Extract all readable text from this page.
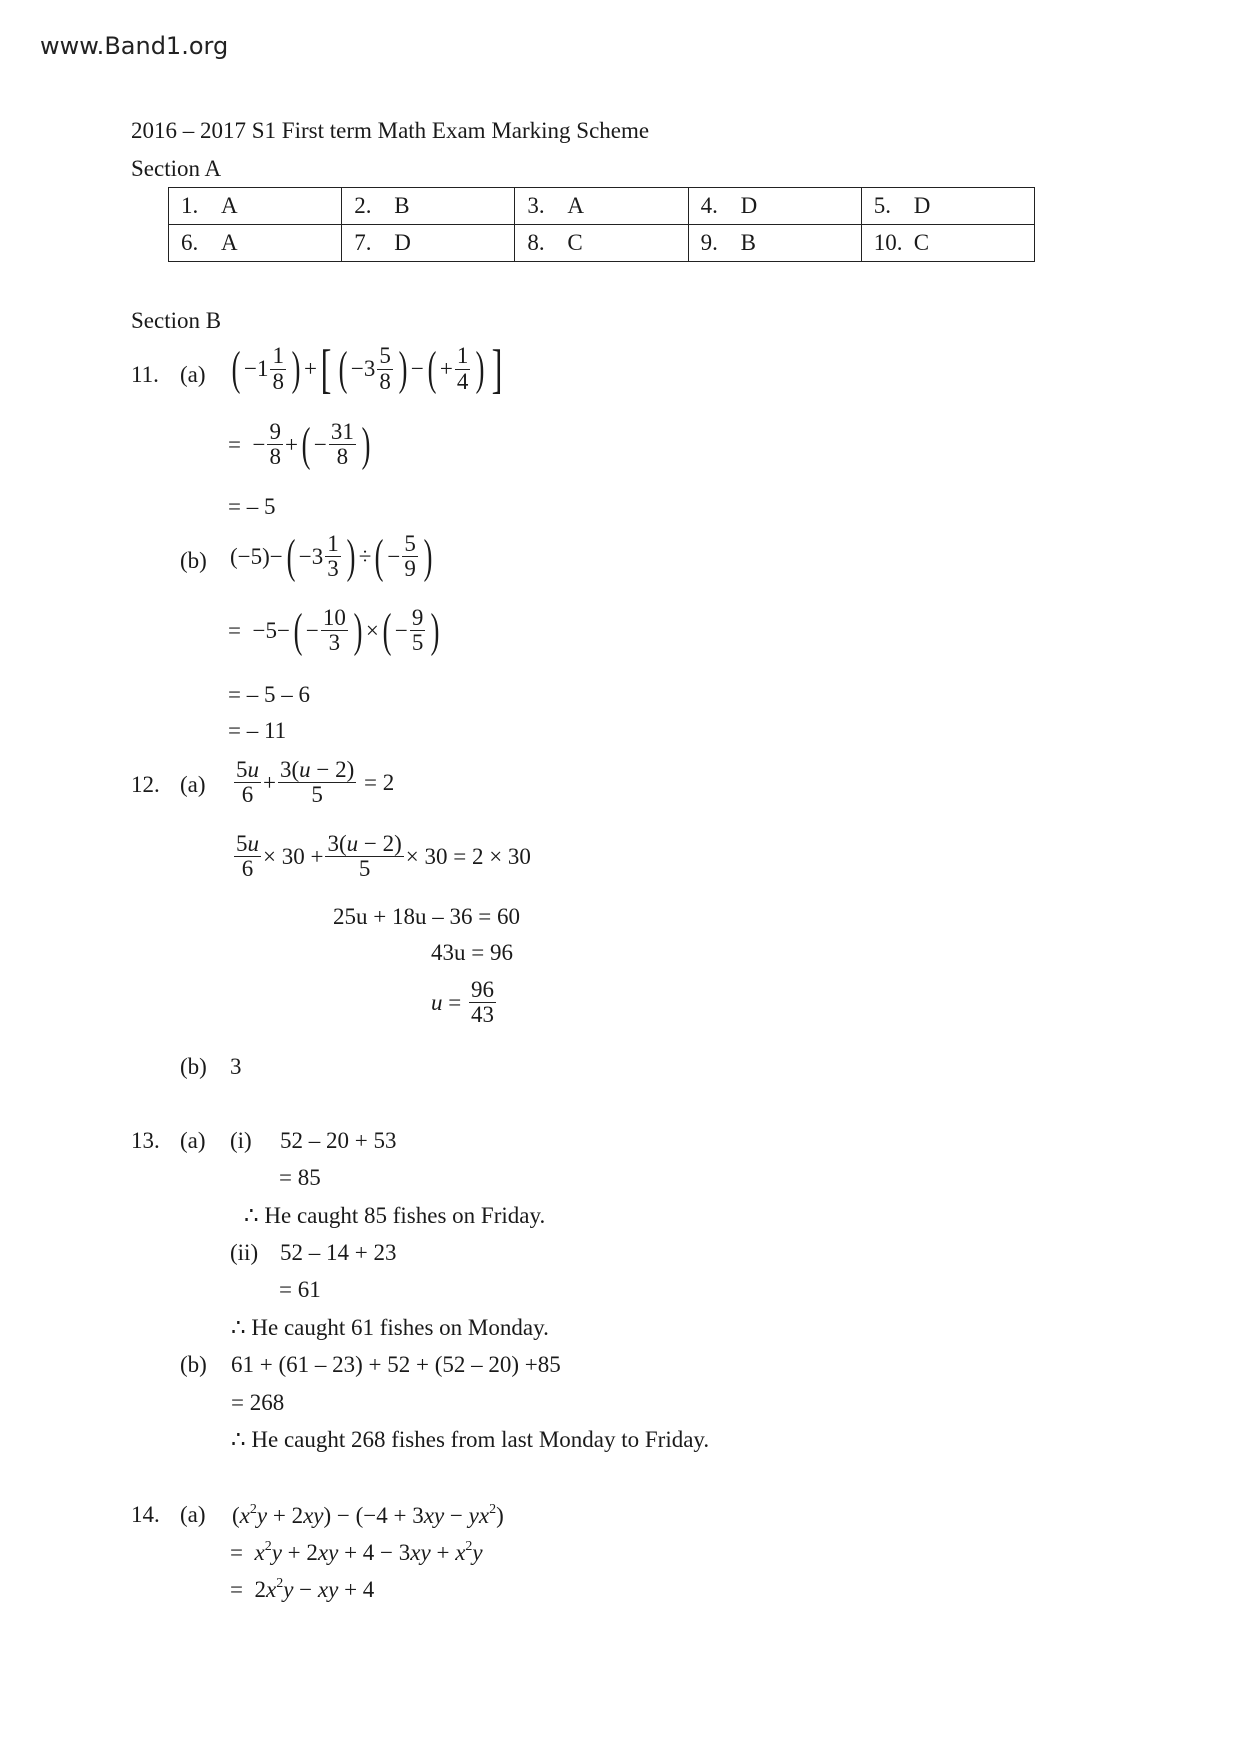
www.Band1.org
2016 – 2017 S1 First term Math Exam Marking Scheme
Section A
1. A	2. B	3. A	4. D	5. D
6. A	7. D	8. C	9. B	10. C
Section B
11. (a) ( $-1 \frac{1}{8}$ ) + [ ( $-3 \frac{5}{8}$ ) − ( + $\frac{1}{4}$ ) ]
=  − $\frac{9}{8}$ + ( − $\frac{31}{8}$ )
= – 5
(b) (−5)− ( $-3 \frac{1}{3}$ ) ÷ ( − $\frac{5}{9}$ )
=  −5− ( − $\frac{10}{3}$ ) × ( − $\frac{9}{5}$ )
= – 5 – 6
= – 11
12. $(a) \frac{5u}{6} + \frac{3(u - 2)}{5} = 2$
$\frac{5u}{6} \times 30 + \frac{3(u - 2)}{5} \times 30 = 2 \times 30$
25u + 18u – 36 = 60
43u = 96
$u = \frac{96}{43}$
(b) 3
13. (a) (i) 52 – 20 + 53
= 85
∴ He caught 85 fishes on Friday.
(ii) 52 – 14 + 23
= 61
∴ He caught 61 fishes on Monday.
(b) 61 + (61 – 23) + 52 + (52 – 20) +85
= 268
∴ He caught 268 fishes from last Monday to Friday.
14. (a) $(x^2y + 2xy) - (-4 + 3xy - yx^2)$
=  $x^2y + 2xy + 4 - 3xy + x^2y$
=  $2x^2y$ − xy + 4
